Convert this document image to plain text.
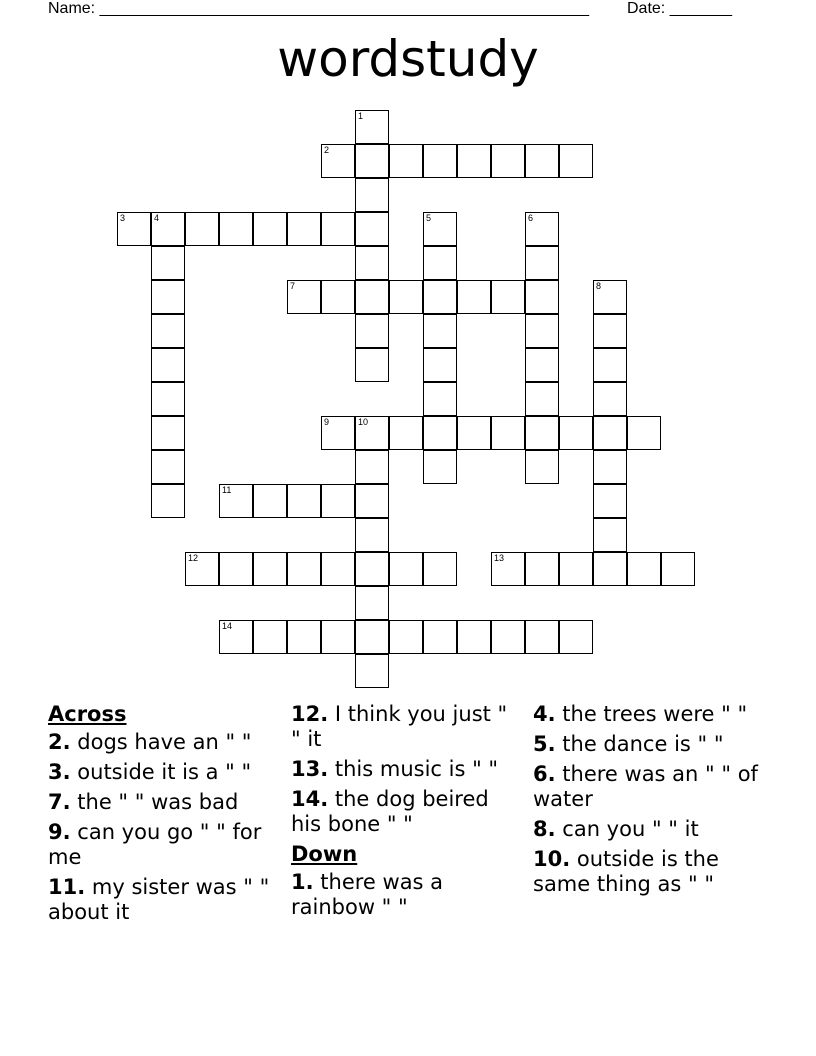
Name: _______________________________________________________ Date: _______
wordstudy
1
2
3	4	5	6
7	8
9	10
11
12	13
14
Across
2. dogs have an " "
3. outside it is a " "
7. the " " was bad
9. can you go " " for me
11. my sister was " " about it
12. I think you just " " it
13. this music is " "
14. the dog beired his bone " "
Down
1. there was a rainbow " "
4. the trees were " "
5. the dance is " "
6. there was an " " of water
8. can you " " it
10. outside is the same thing as " "
